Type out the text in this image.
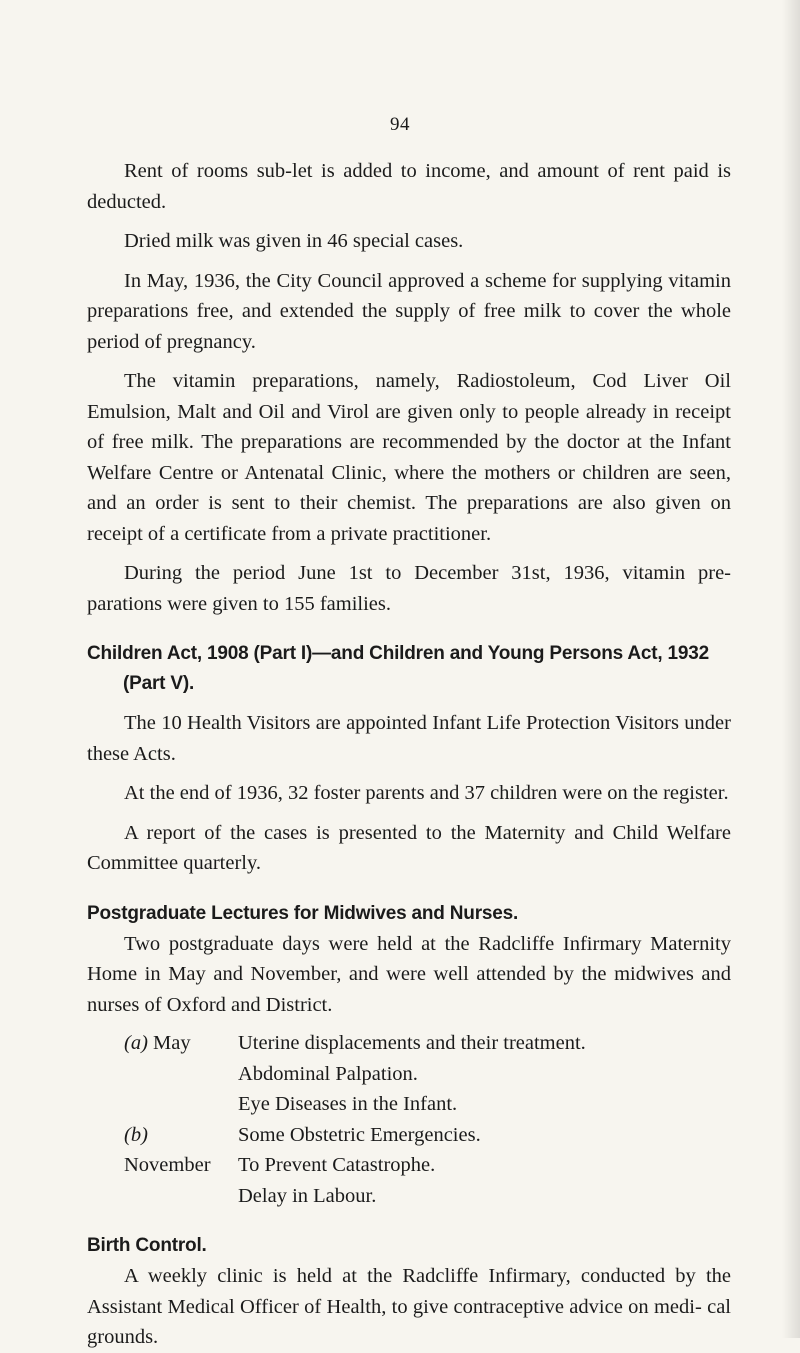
94

Rent of rooms sub-let is added to income, and amount of rent paid is deducted.

Dried milk was given in 46 special cases.

In May, 1936, the City Council approved a scheme for supplying vitamin preparations free, and extended the supply of free milk to cover the whole period of pregnancy.

The vitamin preparations, namely, Radiostoleum, Cod Liver Oil Emulsion, Malt and Oil and Virol are given only to people already in receipt of free milk. The preparations are recommended by the doctor at the Infant Welfare Centre or Antenatal Clinic, where the mothers or children are seen, and an order is sent to their chemist. The preparations are also given on receipt of a certificate from a private practitioner.

During the period June 1st to December 31st, 1936, vitamin pre- parations were given to 155 families.

Children Act, 1908 (Part I)—and Children and Young Persons Act, 1932
(Part V).

The 10 Health Visitors are appointed Infant Life Protection Visitors under these Acts.

At the end of 1936, 32 foster parents and 37 children were on the register.

A report of the cases is presented to the Maternity and Child Welfare Committee quarterly.

Postgraduate Lectures for Midwives and Nurses.

Two postgraduate days were held at the Radcliffe Infirmary Maternity Home in May and November, and were well attended by the midwives and nurses of Oxford and District.

(a) May	Uterine displacements and their treatment.
Abdominal Palpation.
Eye Diseases in the Infant.
(b) November
Some Obstetric Emergencies.
To Prevent Catastrophe.
Delay in Labour.
Birth Control.

A weekly clinic is held at the Radcliffe Infirmary, conducted by the Assistant Medical Officer of Health, to give contraceptive advice on medi- cal grounds.
